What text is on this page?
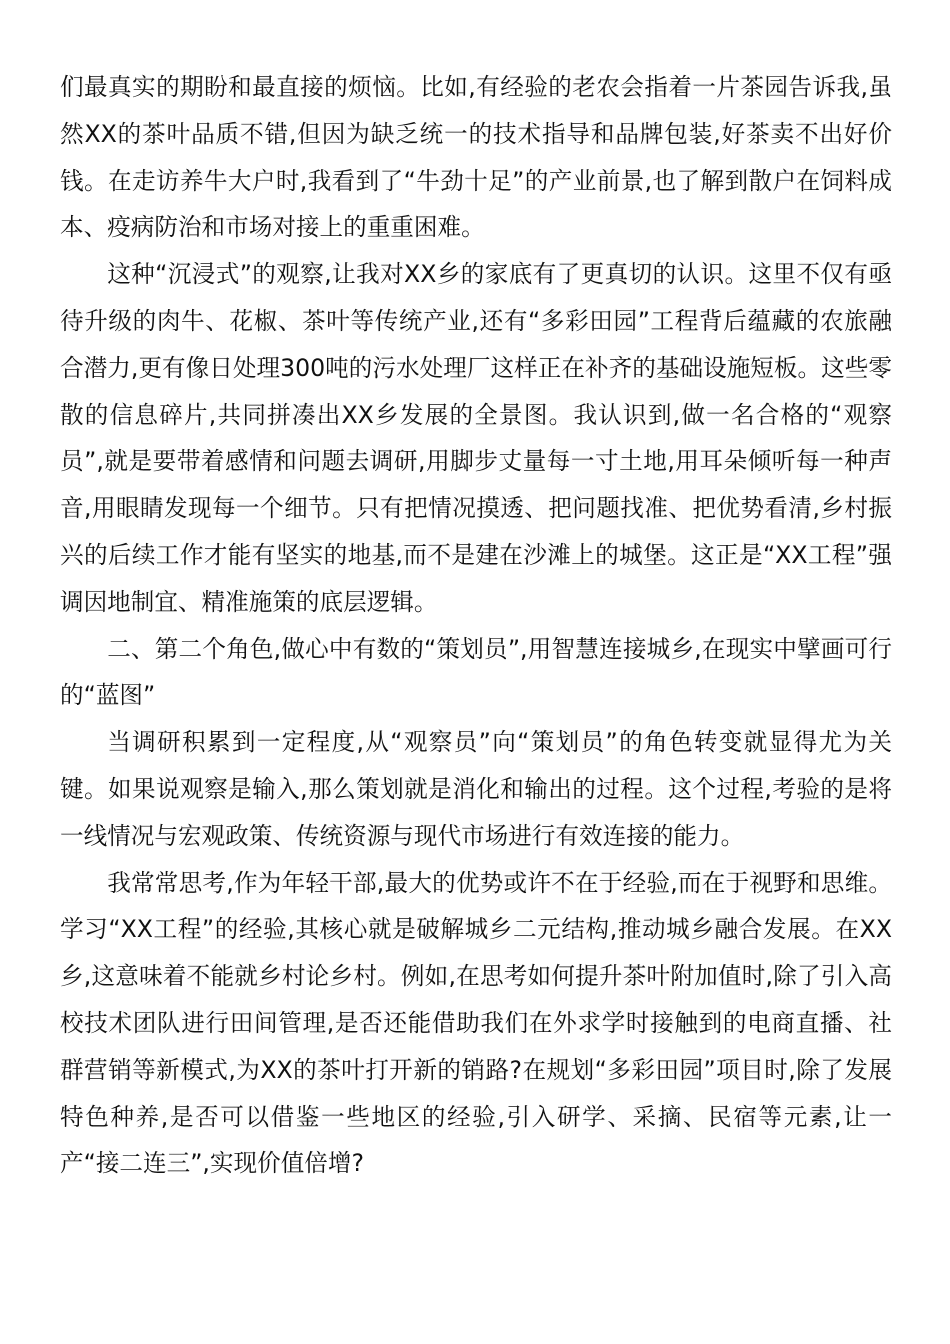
们最真实的期盼和最直接的烦恼。比如,有经验的老农会指着一片茶园告诉我,虽然XX的茶叶品质不错,但因为缺乏统一的技术指导和品牌包装,好茶卖不出好价钱。在走访养牛大户时,我看到了“牛劲十足”的产业前景,也了解到散户在饲料成本、疫病防治和市场对接上的重重困难。

这种“沉浸式”的观察,让我对XX乡的家底有了更真切的认识。这里不仅有亟待升级的肉牛、花椒、茶叶等传统产业,还有“多彩田园”工程背后蕴藏的农旅融合潜力,更有像日处理300吨的污水处理厂这样正在补齐的基础设施短板。这些零散的信息碎片,共同拼凑出XX乡发展的全景图。我认识到,做一名合格的“观察员”,就是要带着感情和问题去调研,用脚步丈量每一寸土地,用耳朵倾听每一种声音,用眼睛发现每一个细节。只有把情况摸透、把问题找准、把优势看清,乡村振兴的后续工作才能有坚实的地基,而不是建在沙滩上的城堡。这正是“XX工程”强调因地制宜、精准施策的底层逻辑。

二、第二个角色,做心中有数的“策划员”,用智慧连接城乡,在现实中擘画可行的“蓝图”

当调研积累到一定程度,从“观察员”向“策划员”的角色转变就显得尤为关键。如果说观察是输入,那么策划就是消化和输出的过程。这个过程,考验的是将一线情况与宏观政策、传统资源与现代市场进行有效连接的能力。

我常常思考,作为年轻干部,最大的优势或许不在于经验,而在于视野和思维。学习“XX工程”的经验,其核心就是破解城乡二元结构,推动城乡融合发展。在XX乡,这意味着不能就乡村论乡村。例如,在思考如何提升茶叶附加值时,除了引入高校技术团队进行田间管理,是否还能借助我们在外求学时接触到的电商直播、社群营销等新模式,为XX的茶叶打开新的销路?在规划“多彩田园”项目时,除了发展特色种养,是否可以借鉴一些地区的经验,引入研学、采摘、民宿等元素,让一产“接二连三”,实现价值倍增?
